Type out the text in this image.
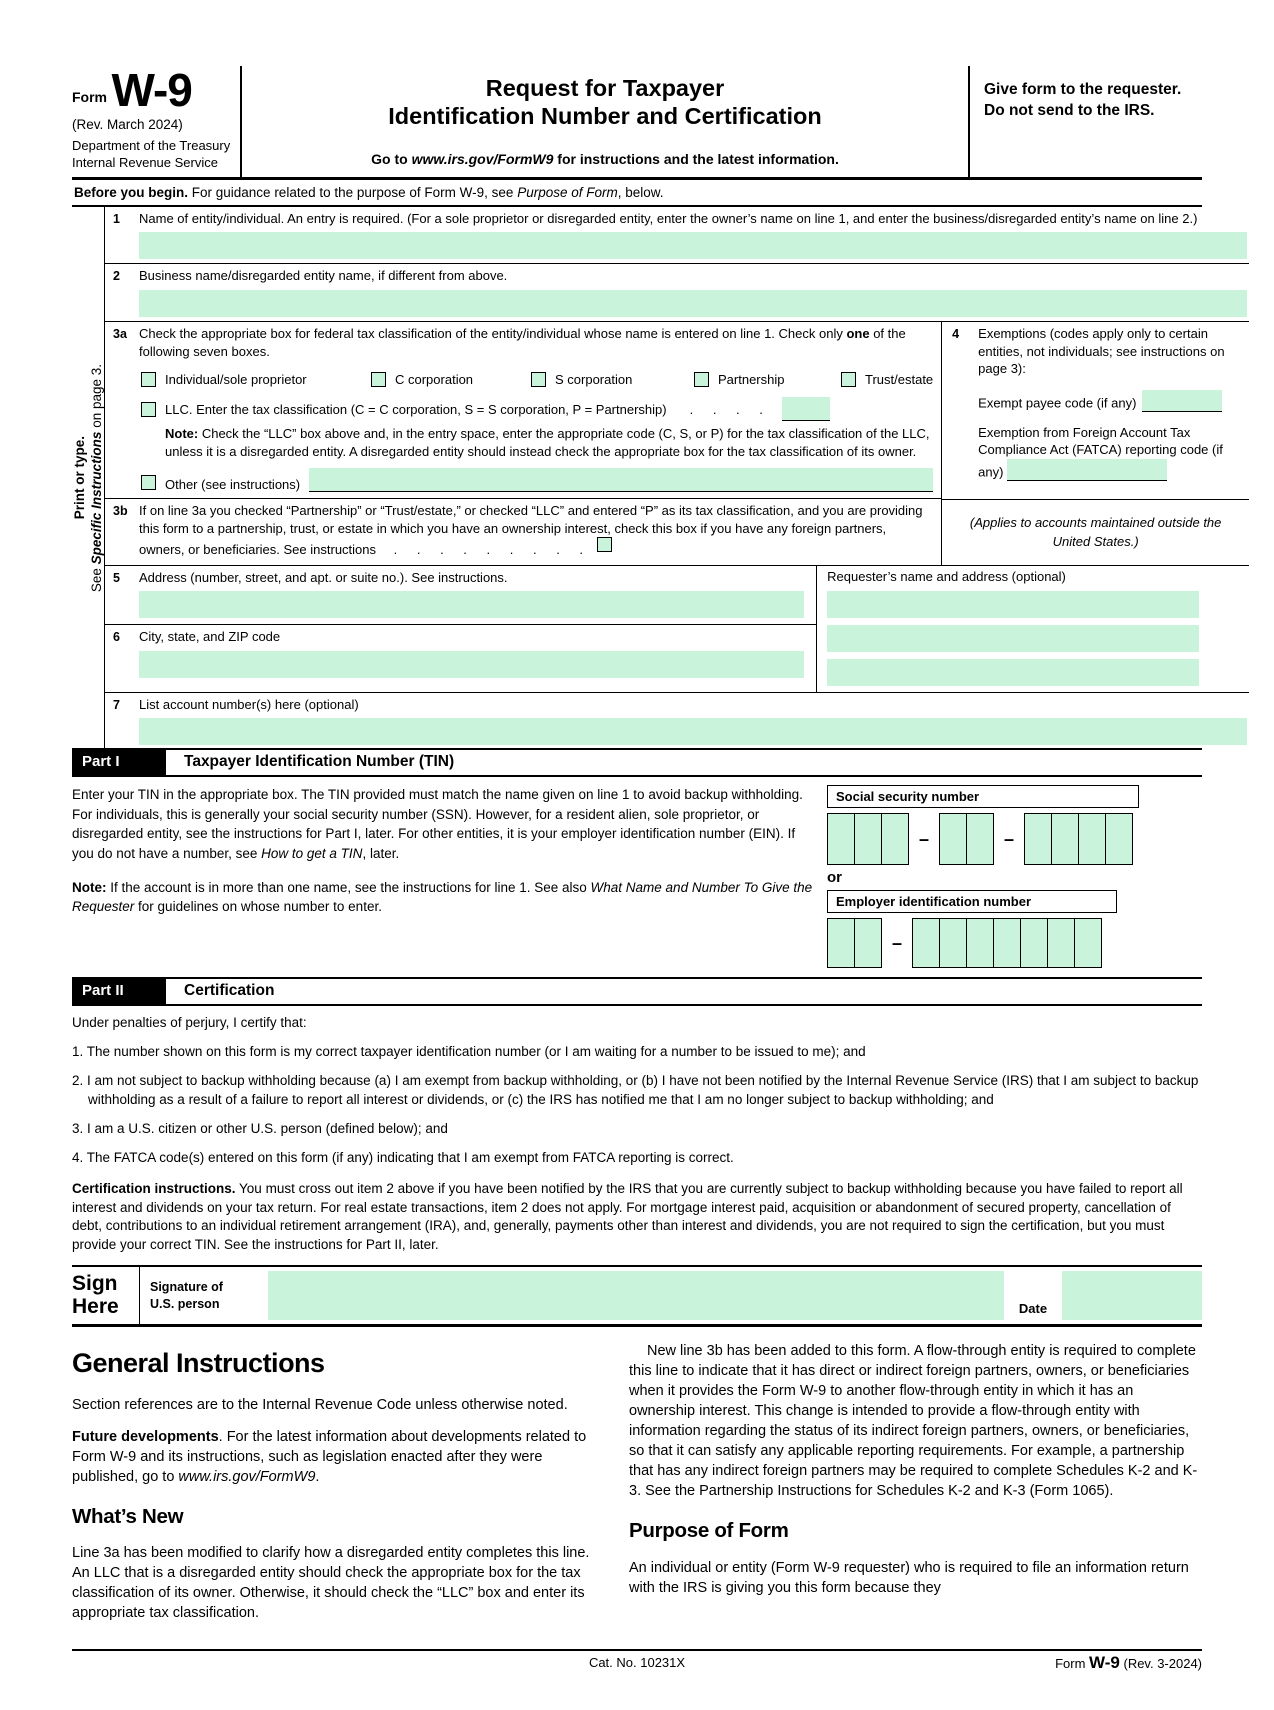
Form W-9
(Rev. March 2024)
Department of the Treasury
Internal Revenue Service
Request for Taxpayer
Identification Number and Certification
Go to www.irs.gov/FormW9 for instructions and the latest information.
Give form to the requester. Do not send to the IRS.
Before you begin. For guidance related to the purpose of Form W-9, see Purpose of Form, below.
Print or type.
See Specific Instructions on page 3.
1	Name of entity/individual. An entry is required. (For a sole proprietor or disregarded entity, enter the owner’s name on line 1, and enter the business/disregarded entity’s name on line 2.)
2	Business name/disregarded entity name, if different from above.
3a Check the appropriate box for federal tax classification of the entity/individual whose name is entered on line 1. Check only one of the following seven boxes.
Individual/sole proprietor	C corporation	S corporation	Partnership	Trust/estate
LLC. Enter the tax classification (C = C corporation, S = S corporation, P = Partnership) . . . .
Note: Check the “LLC” box above and, in the entry space, enter the appropriate code (C, S, or P) for the tax classification of the LLC, unless it is a disregarded entity. A disregarded entity should instead check the appropriate box for the tax classification of its owner.
Other (see instructions)
3b If on line 3a you checked “Partnership” or “Trust/estate,” or checked “LLC” and entered “P” as its tax classification, and you are providing this form to a partnership, trust, or estate in which you have an ownership interest, check this box if you have any foreign partners, owners, or beneficiaries. See instructions . . . . . . . . .
4	Exemptions (codes apply only to certain entities, not individuals; see instructions on page 3):
Exempt payee code (if any)
Exemption from Foreign Account Tax Compliance Act (FATCA) reporting code (if any)
(Applies to accounts maintained outside the United States.)
5	Address (number, street, and apt. or suite no.). See instructions.
6	City, state, and ZIP code
Requester’s name and address (optional)
7	List account number(s) here (optional)
Part I	Taxpayer Identification Number (TIN)

Enter your TIN in the appropriate box. The TIN provided must match the name given on line 1 to avoid backup withholding. For individuals, this is generally your social security number (SSN). However, for a resident alien, sole proprietor, or disregarded entity, see the instructions for Part I, later. For other entities, it is your employer identification number (EIN). If you do not have a number, see How to get a TIN, later.

Note: If the account is in more than one name, see the instructions for line 1. See also What Name and Number To Give the Requester for guidelines on whose number to enter.

Social security number
–	–
or
Employer identification number
–
Part II	Certification
Under penalties of perjury, I certify that:
1. The number shown on this form is my correct taxpayer identification number (or I am waiting for a number to be issued to me); and
2. I am not subject to backup withholding because (a) I am exempt from backup withholding, or (b) I have not been notified by the Internal Revenue Service (IRS) that I am subject to backup withholding as a result of a failure to report all interest or dividends, or (c) the IRS has notified me that I am no longer subject to backup withholding; and
3. I am a U.S. citizen or other U.S. person (defined below); and
4. The FATCA code(s) entered on this form (if any) indicating that I am exempt from FATCA reporting is correct.
Certification instructions. You must cross out item 2 above if you have been notified by the IRS that you are currently subject to backup withholding because you have failed to report all interest and dividends on your tax return. For real estate transactions, item 2 does not apply. For mortgage interest paid, acquisition or abandonment of secured property, cancellation of debt, contributions to an individual retirement arrangement (IRA), and, generally, payments other than interest and dividends, you are not required to sign the certification, but you must provide your correct TIN. See the instructions for Part II, later.
Sign
Here
Signature of
U.S. person	Date
General Instructions

Section references are to the Internal Revenue Code unless otherwise noted.

Future developments. For the latest information about developments related to Form W-9 and its instructions, such as legislation enacted after they were published, go to www.irs.gov/FormW9.

What’s New

Line 3a has been modified to clarify how a disregarded entity completes this line. An LLC that is a disregarded entity should check the appropriate box for the tax classification of its owner. Otherwise, it should check the “LLC” box and enter its appropriate tax classification.

New line 3b has been added to this form. A flow-through entity is required to complete this line to indicate that it has direct or indirect foreign partners, owners, or beneficiaries when it provides the Form W-9 to another flow-through entity in which it has an ownership interest. This change is intended to provide a flow-through entity with information regarding the status of its indirect foreign partners, owners, or beneficiaries, so that it can satisfy any applicable reporting requirements. For example, a partnership that has any indirect foreign partners may be required to complete Schedules K-2 and K-3. See the Partnership Instructions for Schedules K-2 and K-3 (Form 1065).

Purpose of Form

An individual or entity (Form W-9 requester) who is required to file an information return with the IRS is giving you this form because they

Cat. No. 10231X	Form W-9 (Rev. 3-2024)
